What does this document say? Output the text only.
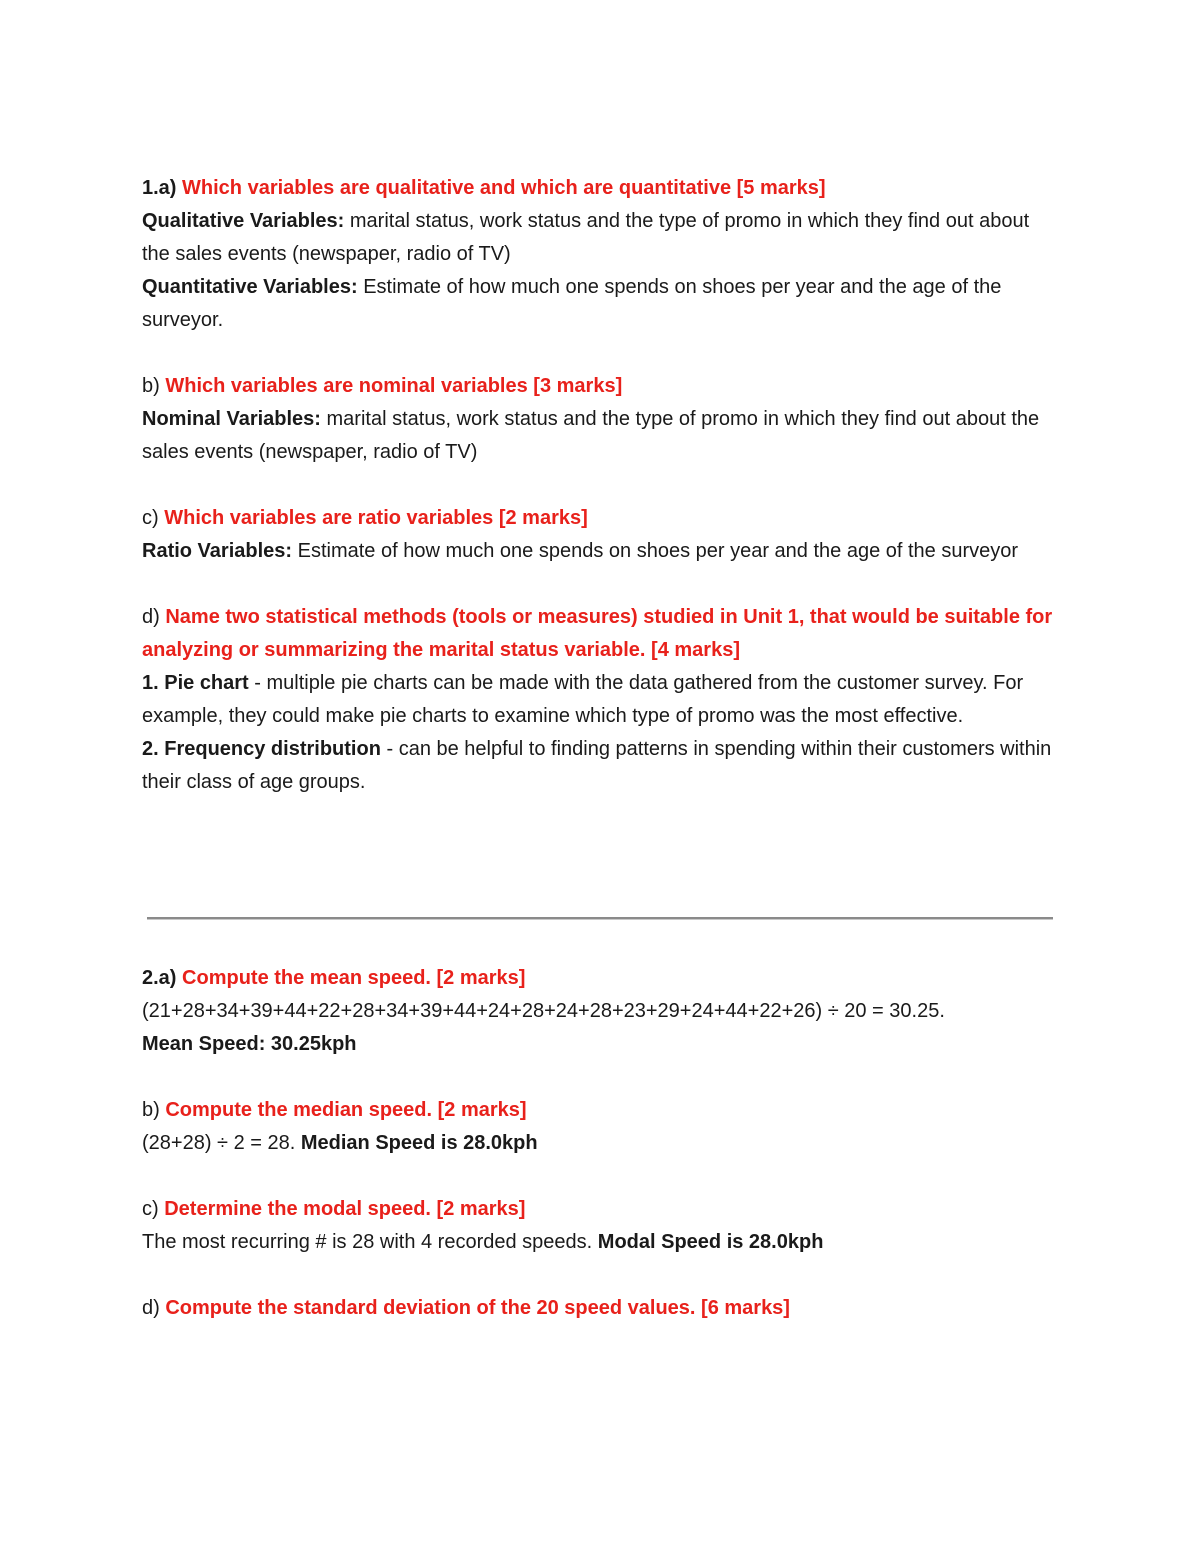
1.a) Which variables are qualitative and which are quantitative [5 marks]

Qualitative Variables: marital status, work status and the type of promo in which they find out about the sales events (newspaper, radio of TV)

Quantitative Variables: Estimate of how much one spends on shoes per year and the age of the surveyor.

b) Which variables are nominal variables [3 marks]

Nominal Variables: marital status, work status and the type of promo in which they find out about the sales events (newspaper, radio of TV)

c) Which variables are ratio variables [2 marks]

Ratio Variables: Estimate of how much one spends on shoes per year and the age of the surveyor

d) Name two statistical methods (tools or measures) studied in Unit 1, that would be suitable for analyzing or summarizing the marital status variable. [4 marks]

1. Pie chart - multiple pie charts can be made with the data gathered from the customer survey. For example, they could make pie charts to examine which type of promo was the most effective.

2. Frequency distribution - can be helpful to finding patterns in spending within their customers within their class of age groups.

2.a) Compute the mean speed. [2 marks]

(21+28+34+39+44+22+28+34+39+44+24+28+24+28+23+29+24+44+22+26) ÷ 20 = 30.25.

Mean Speed: 30.25kph

b) Compute the median speed. [2 marks]

(28+28) ÷ 2 = 28. Median Speed is 28.0kph

c) Determine the modal speed. [2 marks]

The most recurring # is 28 with 4 recorded speeds. Modal Speed is 28.0kph

d) Compute the standard deviation of the 20 speed values. [6 marks]
